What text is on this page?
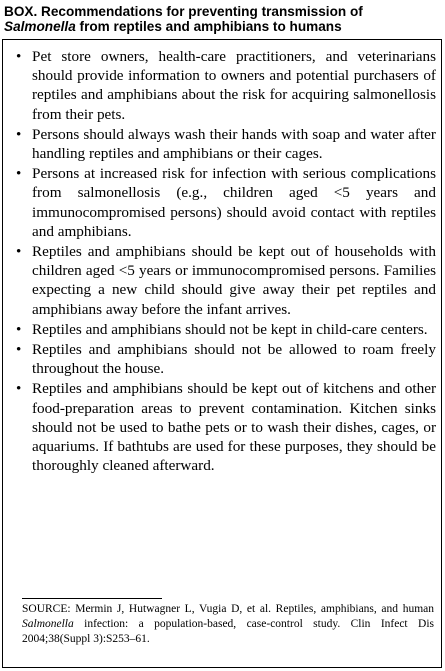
BOX. Recommendations for preventing transmission of
Salmonella from reptiles and amphibians to humans
• Pet store owners, health-care practitioners, and veterinarians should provide information to owners and potential purchasers of reptiles and amphibians about the risk for acquiring salmonellosis from their pets.
• Persons should always wash their hands with soap and water after handling reptiles and amphibians or their cages.
• Persons at increased risk for infection with serious complications from salmonellosis (e.g., children aged <5 years and immunocompromised persons) should avoid contact with reptiles and amphibians.
• Reptiles and amphibians should be kept out of households with children aged <5 years or immunocompromised persons. Families expecting a new child should give away their pet reptiles and amphibians away before the infant arrives.
• Reptiles and amphibians should not be kept in child-care centers.
• Reptiles and amphibians should not be allowed to roam freely throughout the house.
• Reptiles and amphibians should be kept out of kitchens and other food-preparation areas to prevent contamination. Kitchen sinks should not be used to bathe pets or to wash their dishes, cages, or aquariums. If bathtubs are used for these purposes, they should be thoroughly cleaned afterward.
SOURCE: Mermin J, Hutwagner L, Vugia D, et al. Reptiles, amphibians, and human Salmonella infection: a population-based, case-control study. Clin Infect Dis 2004;38(Suppl 3):S253–61.
